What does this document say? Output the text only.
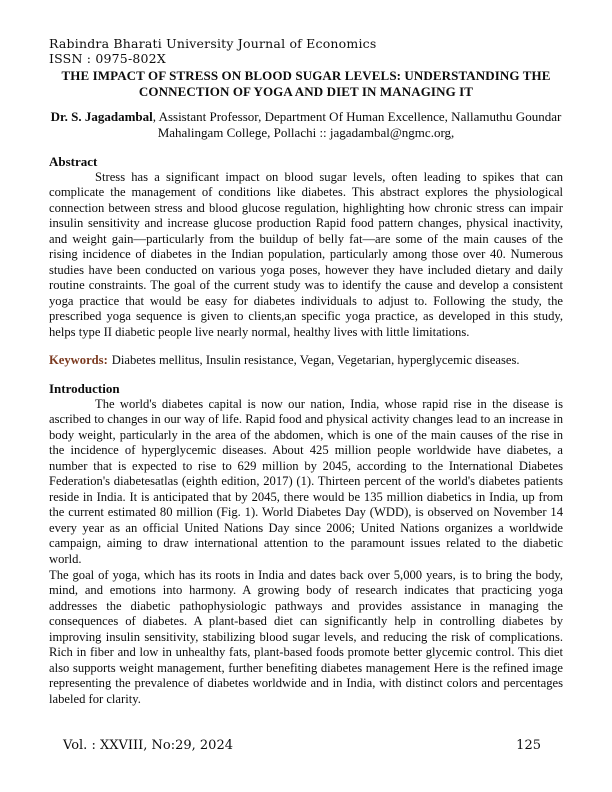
Rabindra Bharati University Journal of Economics
ISSN : 0975-802X
THE IMPACT OF STRESS ON BLOOD SUGAR LEVELS: UNDERSTANDING THE
CONNECTION OF YOGA AND DIET IN MANAGING IT

Dr. S. Jagadambal, Assistant Professor, Department Of Human Excellence, Nallamuthu Goundar
Mahalingam College, Pollachi :: jagadambal@ngmc.org,

Abstract

Stress has a significant impact on blood sugar levels, often leading to spikes that can complicate the management of conditions like diabetes. This abstract explores the physiological connection between stress and blood glucose regulation, highlighting how chronic stress can impair insulin sensitivity and increase glucose production Rapid food pattern changes, physical inactivity, and weight gain—particularly from the buildup of belly fat—are some of the main causes of the rising incidence of diabetes in the Indian population, particularly among those over 40. Numerous studies have been conducted on various yoga poses, however they have included dietary and daily routine constraints. The goal of the current study was to identify the cause and develop a consistent yoga practice that would be easy for diabetes individuals to adjust to. Following the study, the prescribed yoga sequence is given to clients,an specific yoga practice, as developed in this study, helps type II diabetic people live nearly normal, healthy lives with little limitations.

Keywords: Diabetes mellitus, Insulin resistance, Vegan, Vegetarian, hyperglycemic diseases.

Introduction

The world's diabetes capital is now our nation, India, whose rapid rise in the disease is ascribed to changes in our way of life. Rapid food and physical activity changes lead to an increase in body weight, particularly in the area of the abdomen, which is one of the main causes of the rise in the incidence of hyperglycemic diseases. About 425 million people worldwide have diabetes, a number that is expected to rise to 629 million by 2045, according to the International Diabetes Federation's diabetesatlas (eighth edition, 2017) (1). Thirteen percent of the world's diabetes patients reside in India. It is anticipated that by 2045, there would be 135 million diabetics in India, up from the current estimated 80 million (Fig. 1). World Diabetes Day (WDD), is observed on November 14 every year as an official United Nations Day since 2006; United Nations organizes a worldwide campaign, aiming to draw international attention to the paramount issues related to the diabetic world.

The goal of yoga, which has its roots in India and dates back over 5,000 years, is to bring the body, mind, and emotions into harmony. A growing body of research indicates that practicing yoga addresses the diabetic pathophysiologic pathways and provides assistance in managing the consequences of diabetes. A plant-based diet can significantly help in controlling diabetes by improving insulin sensitivity, stabilizing blood sugar levels, and reducing the risk of complications. Rich in fiber and low in unhealthy fats, plant-based foods promote better glycemic control. This diet also supports weight management, further benefiting diabetes management Here is the refined image representing the prevalence of diabetes worldwide and in India, with distinct colors and percentages labeled for clarity.

Vol. : XXVIII, No:29, 2024	125
